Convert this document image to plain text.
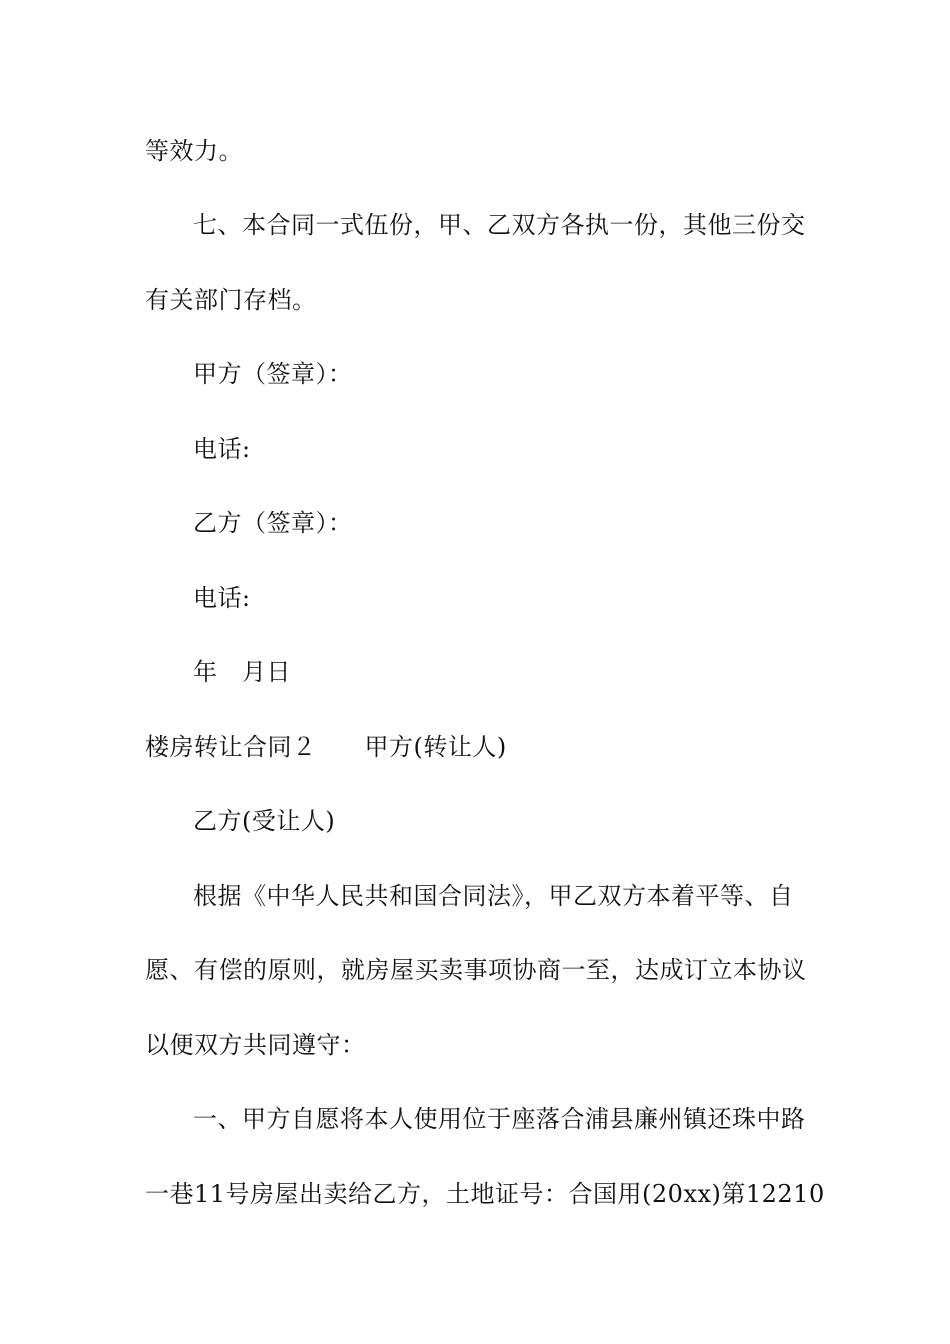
等效力。
七、本合同一式伍份，甲、乙双方各执一份，其他三份交
有关部门存档。
甲方（签章）：
电话:
乙方（签章）：
电话:
年　月日
楼房转让合同２ 甲方(转让人)
乙方(受让人)
根据《中华人民共和国合同法》，甲乙双方本着平等、自
愿、有偿的原则，就房屋买卖事项协商一至，达成订立本协议
以便双方共同遵守：
一、甲方自愿将本人使用位于座落合浦县廉州镇还珠中路
一巷11号房屋出卖给乙方，土地证号：合国用(20xx)第12210
